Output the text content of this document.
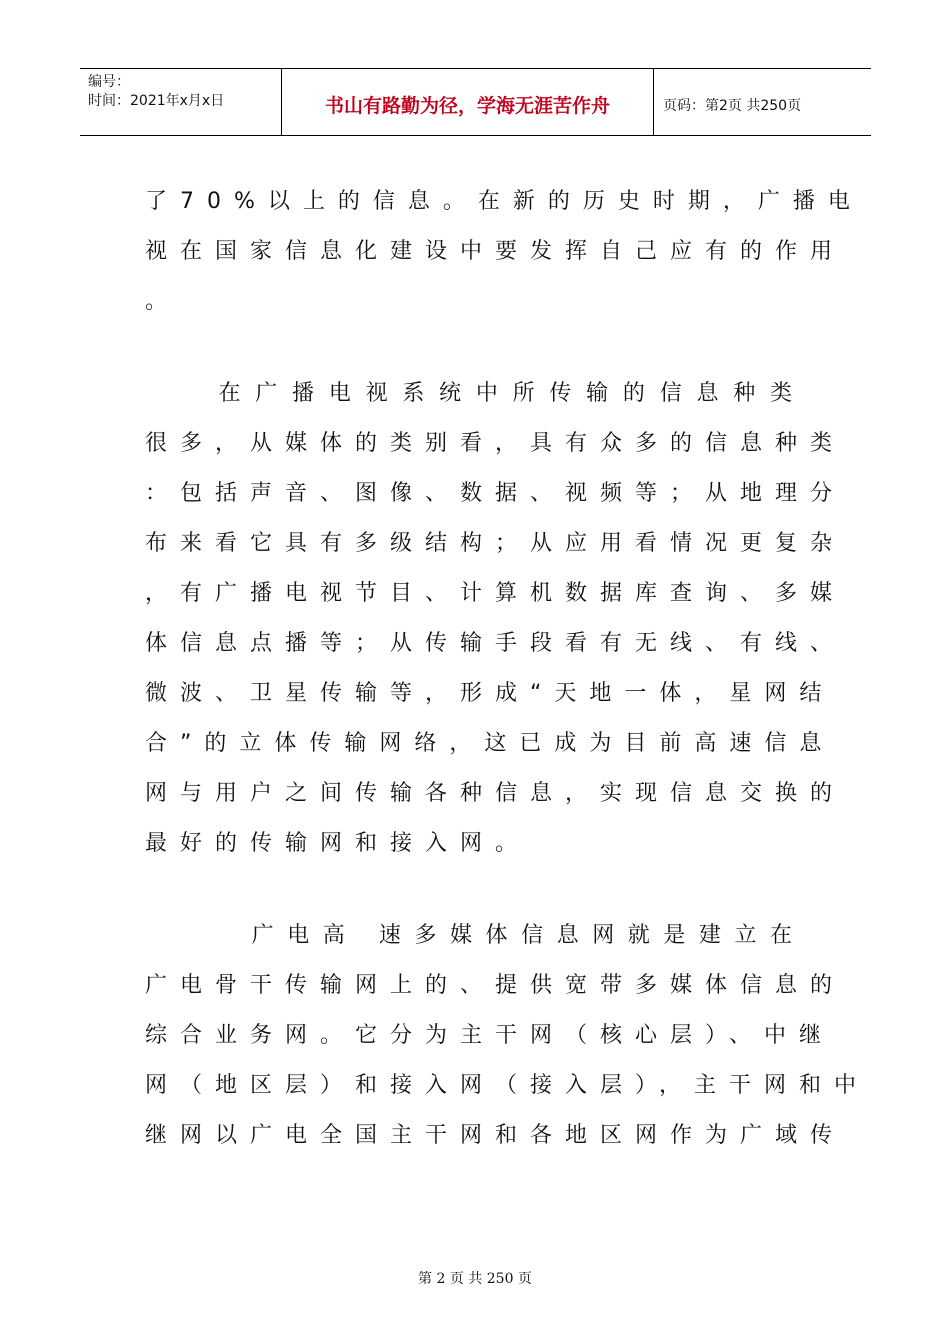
编号：
时间：2021年x月x日	书山有路勤为径，学海无涯苦作舟	页码：第2页 共250页
了70%以上的信息。在新的历史时期，广播电
视在国家信息化建设中要发挥自己应有的作用
。
　　在广播电视系统中所传输的信息种类
很多，从媒体的类别看，具有众多的信息种类
：包括声音、图像、数据、视频等；从地理分
布来看它具有多级结构；从应用看情况更复杂
，有广播电视节目、计算机数据库查询、多媒
体信息点播等；从传输手段看有无线、有线、
微波、卫星传输等，形成“天地一体，星网结
合”的立体传输网络，这已成为目前高速信息
网与用户之间传输各种信息，实现信息交换的
最好的传输网和接入网。
　　　广电高 速多媒体信息网就是建立在
广电骨干传输网上的、提供宽带多媒体信息的
综合业务网。它分为主干网（核心层）、中继
网（地区层）和接入网（接入层），主干网和中
继网以广电全国主干网和各地区网作为广域传
第 2 页 共 250 页
